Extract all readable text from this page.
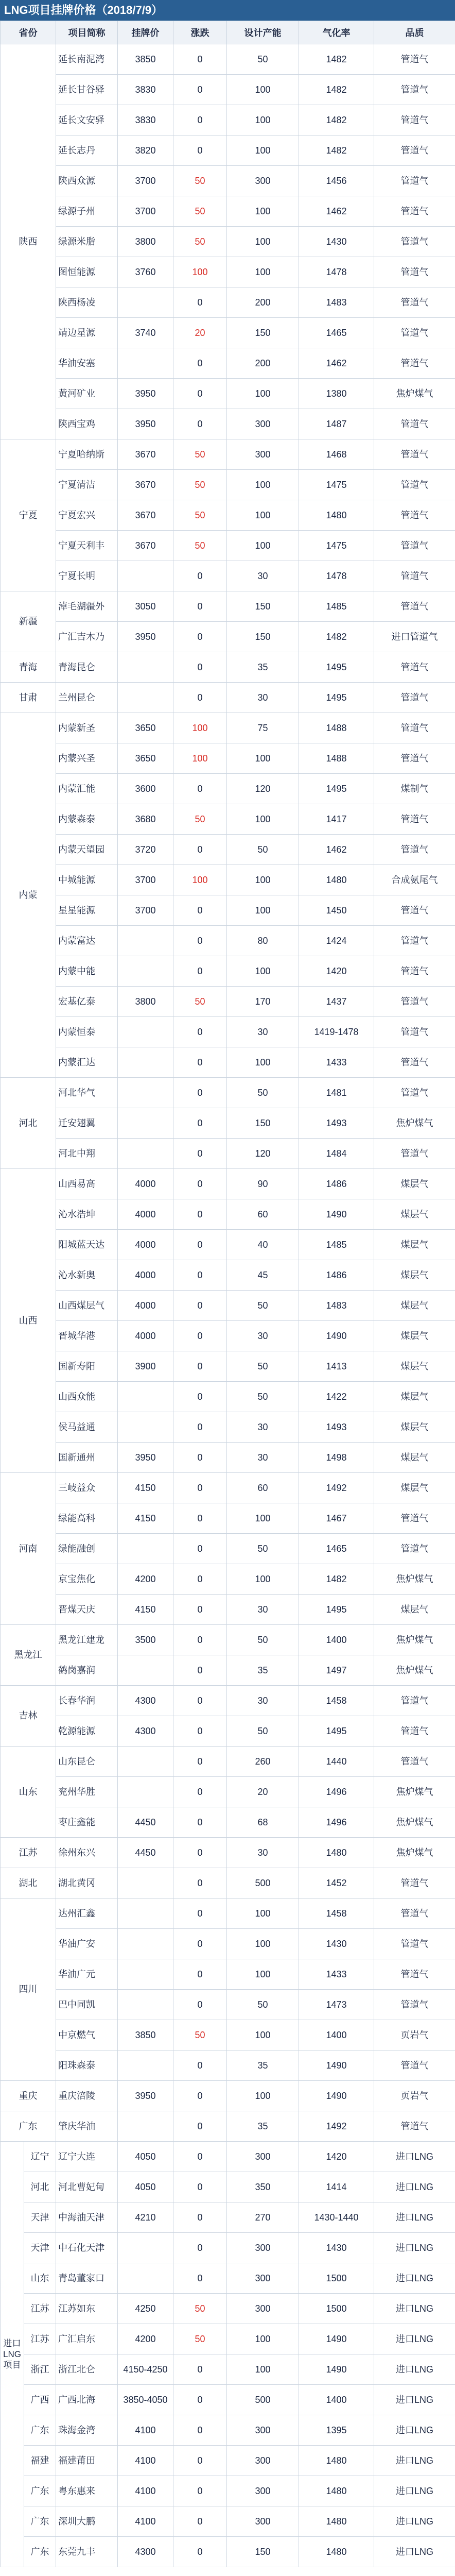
LNG项目挂牌价格（2018/7/9）
省份		项目简称	挂牌价	涨跌	设计产能	气化率	品质
陕西		延长南泥湾	3850	0	50	1482	管道气
		延长甘谷驿	3830	0	100	1482	管道气
		延长文安驿	3830	0	100	1482	管道气
		延长志丹	3820	0	100	1482	管道气
		陕西众源	3700	50	300	1456	管道气
		绿源子州	3700	50	100	1462	管道气
		绿源米脂	3800	50	100	1430	管道气
		图恒能源	3760	100	100	1478	管道气
		陕西杨凌		0	200	1483	管道气
		靖边星源	3740	20	150	1465	管道气
		华油安塞		0	200	1462	管道气
		黄河矿业	3950	0	100	1380	焦炉煤气
		陕西宝鸡	3950	0	300	1487	管道气
宁夏		宁夏哈纳斯	3670	50	300	1468	管道气
		宁夏清洁	3670	50	100	1475	管道气
		宁夏宏兴	3670	50	100	1480	管道气
		宁夏天利丰	3670	50	100	1475	管道气
		宁夏长明		0	30	1478	管道气
新疆		淖毛湖疆外	3050	0	150	1485	管道气
		广汇吉木乃	3950	0	150	1482	进口管道气
青海		青海昆仑		0	35	1495	管道气
甘肃		兰州昆仑		0	30	1495	管道气
内蒙		内蒙新圣	3650	100	75	1488	管道气
		内蒙兴圣	3650	100	100	1488	管道气
		内蒙汇能	3600	0	120	1495	煤制气
		内蒙森泰	3680	50	100	1417	管道气
		内蒙天望园	3720	0	50	1462	管道气
		中城能源	3700	100	100	1480	合成氨尾气
		星星能源	3700	0	100	1450	管道气
		内蒙富达		0	80	1424	管道气
		内蒙中能		0	100	1420	管道气
		宏基亿泰	3800	50	170	1437	管道气
		内蒙恒泰		0	30	1419-1478	管道气
		内蒙汇达		0	100	1433	管道气
河北		河北华气		0	50	1481	管道气
		迁安翅翼		0	150	1493	焦炉煤气
		河北中翔		0	120	1484	管道气
山西		山西易高	4000	0	90	1486	煤层气
		沁水浩坤	4000	0	60	1490	煤层气
		阳城蓝天达	4000	0	40	1485	煤层气
		沁水新奥	4000	0	45	1486	煤层气
		山西煤层气	4000	0	50	1483	煤层气
		晋城华港	4000	0	30	1490	煤层气
		国新寿阳	3900	0	50	1413	煤层气
		山西众能		0	50	1422	煤层气
		侯马益通		0	30	1493	煤层气
		国新通州	3950	0	30	1498	煤层气
河南		三岐益众	4150	0	60	1492	煤层气
		绿能高科	4150	0	100	1467	管道气
		绿能融创		0	50	1465	管道气
		京宝焦化	4200	0	100	1482	焦炉煤气
		晋煤天庆	4150	0	30	1495	煤层气
黑龙江		黑龙江建龙	3500	0	50	1400	焦炉煤气
		鹤岗嘉润		0	35	1497	焦炉煤气
吉林		长春华润	4300	0	30	1458	管道气
		乾源能源	4300	0	50	1495	管道气
山东		山东昆仑		0	260	1440	管道气
		兖州华胜		0	20	1496	焦炉煤气
		枣庄鑫能	4450	0	68	1496	焦炉煤气
江苏		徐州东兴	4450	0	30	1480	焦炉煤气
湖北		湖北黄冈		0	500	1452	管道气
四川		达州汇鑫		0	100	1458	管道气
		华油广安		0	100	1430	管道气
		华油广元		0	100	1433	管道气
		巴中同凯		0	50	1473	管道气
		中京燃气	3850	50	100	1400	页岩气
		阳珠森泰		0	35	1490	管道气
重庆		重庆涪陵	3950	0	100	1490	页岩气
广东		肇庆华油		0	35	1492	管道气
进口LNG项目	辽宁	辽宁大连	4050	0	300	1420	进口LNG
	河北	河北曹妃甸	4050	0	350	1414	进口LNG
	天津	中海油天津	4210	0	270	1430-1440	进口LNG
	天津	中石化天津		0	300	1430	进口LNG
	山东	青岛董家口		0	300	1500	进口LNG
	江苏	江苏如东	4250	50	300	1500	进口LNG
	江苏	广汇启东	4200	50	100	1490	进口LNG
	浙江	浙江北仑	4150-4250	0	100	1490	进口LNG
	广西	广西北海	3850-4050	0	500	1400	进口LNG
	广东	珠海金湾	4100	0	300	1395	进口LNG
	福建	福建莆田	4100	0	300	1480	进口LNG
	广东	粤东惠来	4100	0	300	1480	进口LNG
	广东	深圳大鹏	4100	0	300	1480	进口LNG
	广东	东莞九丰	4300	0	150	1480	进口LNG
